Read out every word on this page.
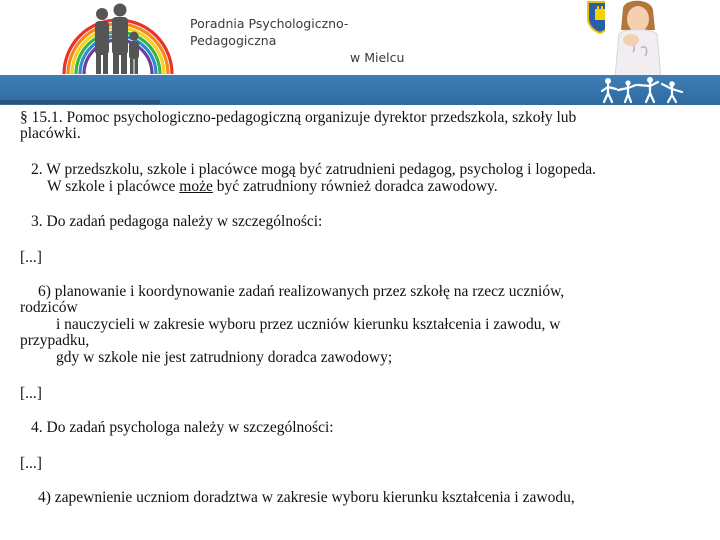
Poradnia Psychologiczno-Pedagogiczna
w Mielcu
§ 15.1. Pomoc psychologiczno-pedagogiczną organizuje dyrektor przedszkola, szkoły lub
placówki.
2. W przedszkolu, szkole i placówce mogą być zatrudnieni pedagog, psycholog i logopeda.
W szkole i placówce może być zatrudniony również doradca zawodowy.
3. Do zadań pedagoga należy w szczególności:
[...]
6) planowanie i koordynowanie zadań realizowanych przez szkołę na rzecz uczniów,
rodziców
i nauczycieli w zakresie wyboru przez uczniów kierunku kształcenia i zawodu, w
przypadku,
gdy w szkole nie jest zatrudniony doradca zawodowy;
[...]
4. Do zadań psychologa należy w szczególności:
[...]
4) zapewnienie uczniom doradztwa w zakresie wyboru kierunku kształcenia i zawodu,
